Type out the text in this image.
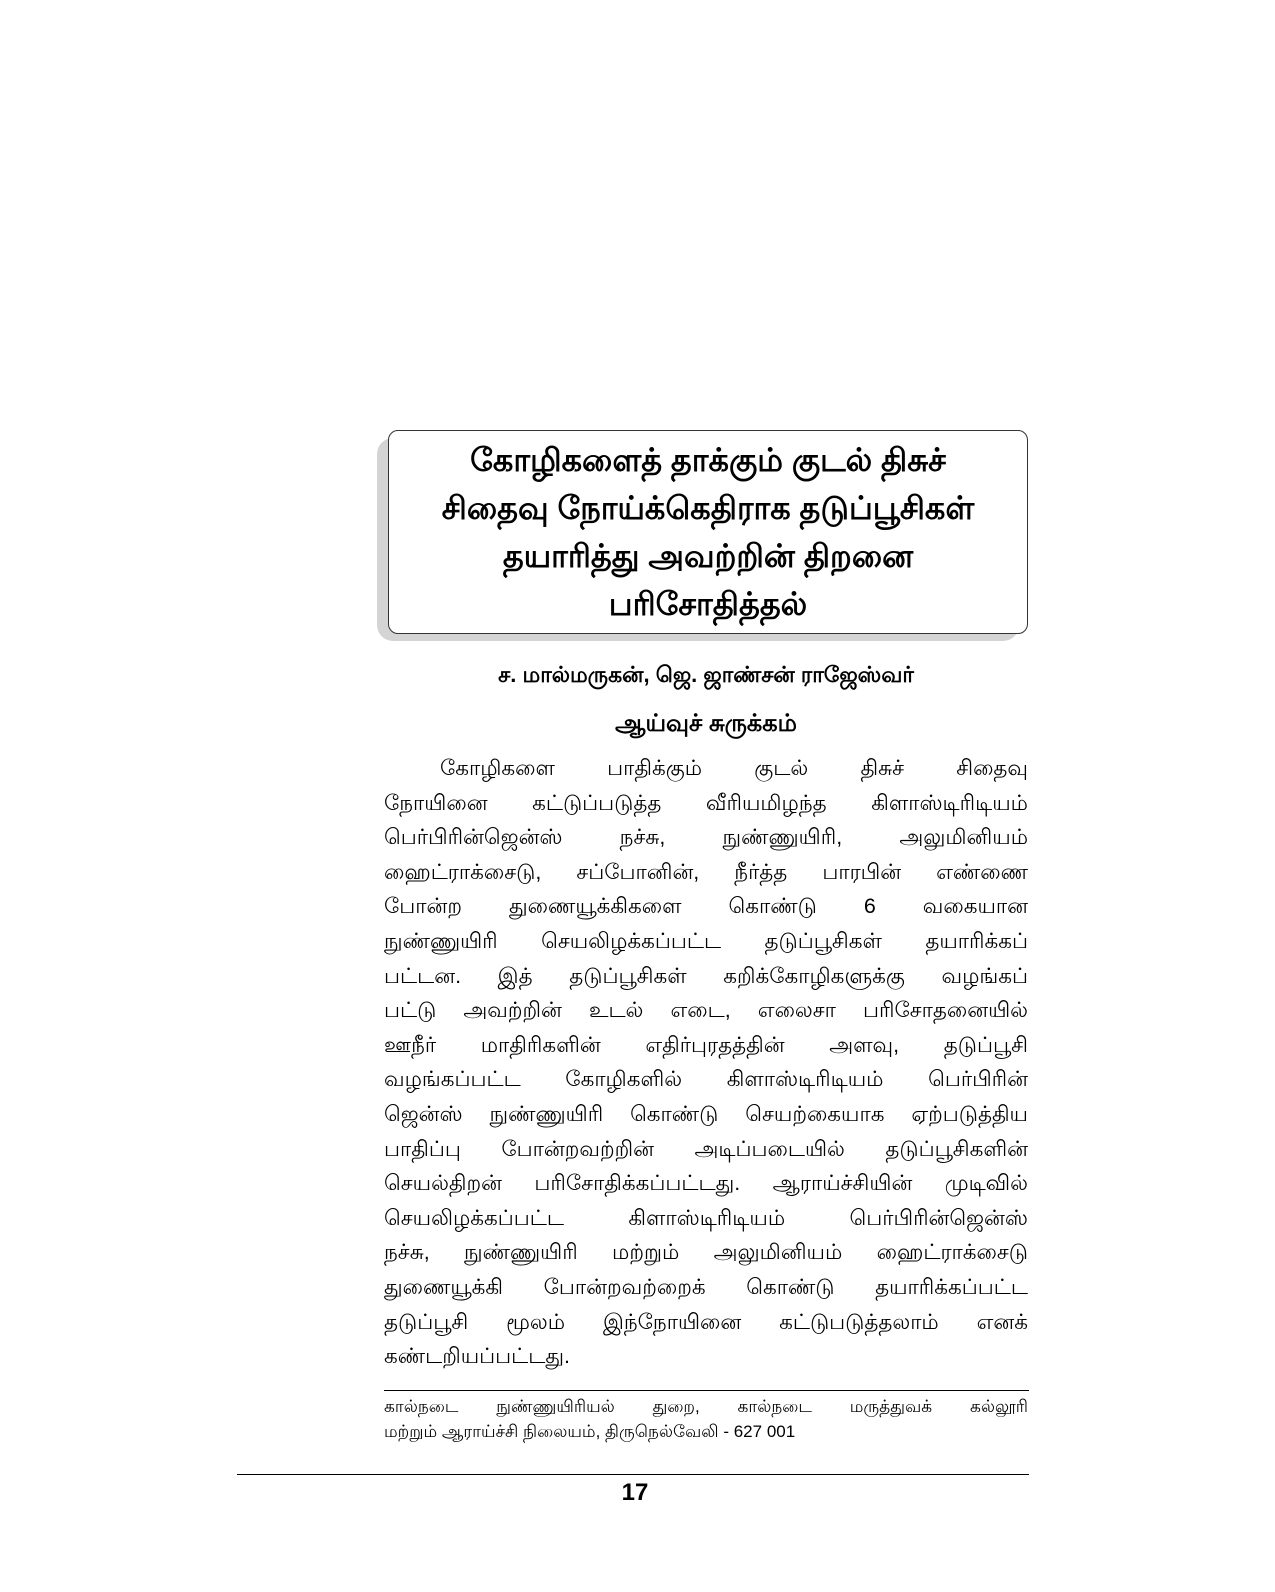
கோழிகளைத் தாக்கும் குடல் திசுச்
சிதைவு நோய்க்கெதிராக தடுப்பூசிகள்
தயாரித்து அவற்றின் திறனை
பரிசோதித்தல்
ச. மால்மருகன், ஜெ. ஜாண்சன் ராஜேஸ்வர்
ஆய்வுச் சுருக்கம்
கோழிகளை பாதிக்கும் குடல் திசுச் சிதைவு
நோயினை கட்டுப்படுத்த வீரியமிழந்த கிளாஸ்டிரிடியம்
பெர்பிரின்ஜென்ஸ் நச்சு, நுண்ணுயிரி, அலுமினியம்
ஹைட்ராக்சைடு, சப்போனின், நீர்த்த பாரபின் எண்ணை
போன்ற துணையூக்கிகளை கொண்டு 6 வகையான
நுண்ணுயிரி செயலிழக்கப்பட்ட தடுப்பூசிகள் தயாரிக்கப்
பட்டன. இத் தடுப்பூசிகள் கறிக்கோழிகளுக்கு வழங்கப்
பட்டு அவற்றின் உடல் எடை, எலைசா பரிசோதனையில்
ஊநீர் மாதிரிகளின் எதிர்புரதத்தின் அளவு, தடுப்பூசி
வழங்கப்பட்ட கோழிகளில் கிளாஸ்டிரிடியம் பெர்பிரின்
ஜென்ஸ் நுண்ணுயிரி கொண்டு செயற்கையாக ஏற்படுத்திய
பாதிப்பு போன்றவற்றின் அடிப்படையில் தடுப்பூசிகளின்
செயல்திறன் பரிசோதிக்கப்பட்டது. ஆராய்ச்சியின் முடிவில்
செயலிழக்கப்பட்ட கிளாஸ்டிரிடியம் பெர்பிரின்ஜென்ஸ்
நச்சு, நுண்ணுயிரி மற்றும் அலுமினியம் ஹைட்ராக்சைடு
துணையூக்கி போன்றவற்றைக் கொண்டு தயாரிக்கப்பட்ட
தடுப்பூசி மூலம் இந்நோயினை கட்டுபடுத்தலாம் எனக்
கண்டறியப்பட்டது.
கால்நடை நுண்ணுயிரியல் துறை, கால்நடை மருத்துவக் கல்லூரி
மற்றும் ஆராய்ச்சி நிலையம், திருநெல்வேலி - 627 001
17
